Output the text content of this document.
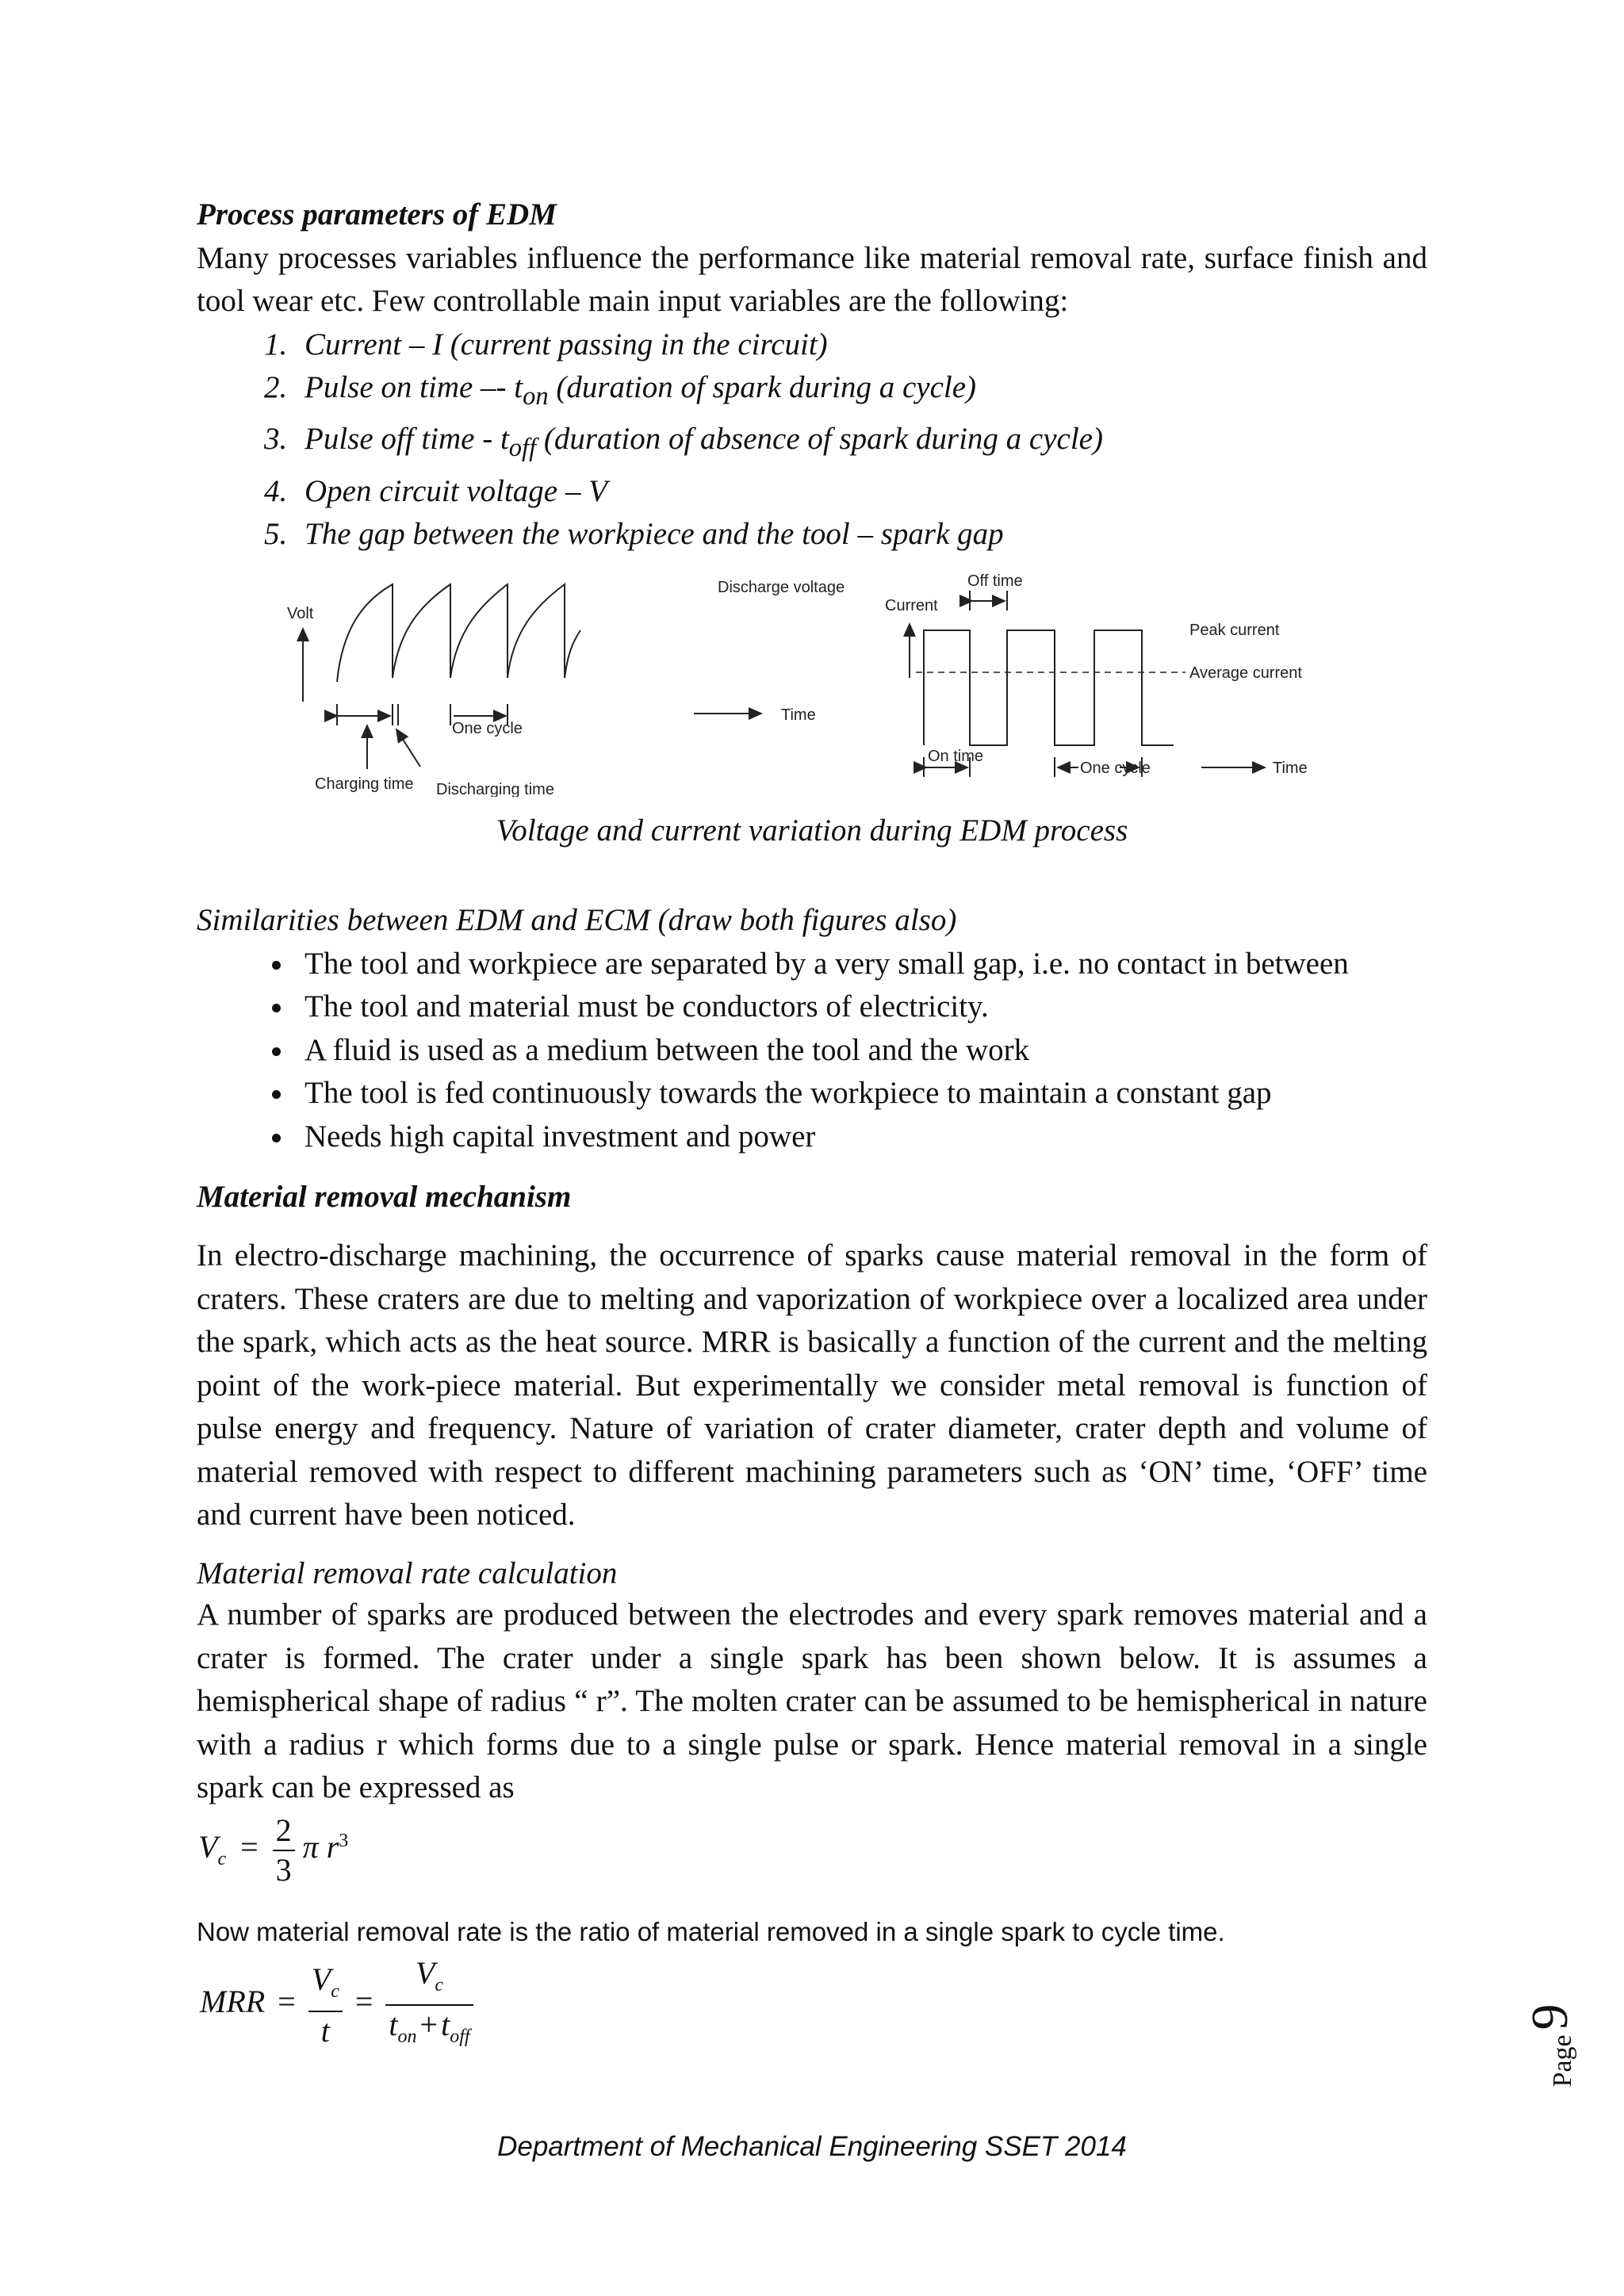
Process parameters of EDM

Many processes variables influence the performance like material removal rate, surface finish and tool wear etc. Few controllable main input variables are the following:

1. Current – I (current passing in the circuit)
2. Pulse on time –- $t_{on}$ (duration of spark during a cycle)
3. Pulse off time - $t_{off}$ (duration of absence of spark during a cycle)
4. Open circuit voltage – V
5. The gap between the workpiece and the tool – spark gap
Volt
Discharge voltage
Time
One cycle
Charging time Discharging time
Current
Off time
Peak current
Average current
On time
One cycle	Time
Voltage and current variation during EDM process

Similarities between EDM and ECM (draw both figures also)

• The tool and workpiece are separated by a very small gap, i.e. no contact in between
• The tool and material must be conductors of electricity.
• A fluid is used as a medium between the tool and the work
• The tool is fed continuously towards the workpiece to maintain a constant gap
• Needs high capital investment and power

Material removal mechanism

In electro-discharge machining, the occurrence of sparks cause material removal in the form of craters. These craters are due to melting and vaporization of workpiece over a localized area under the spark, which acts as the heat source. MRR is basically a function of the current and the melting point of the work-piece material. But experimentally we consider metal removal is function of pulse energy and frequency. Nature of variation of crater diameter, crater depth and volume of material removed with respect to different machining parameters such as ‘ON’ time, ‘OFF’ time and current have been noticed.

Material removal rate calculation

A number of sparks are produced between the electrodes and every spark removes material and a crater is formed. The crater under a single spark has been shown below. It is assumes a hemispherical shape of radius “ r”. The molten crater can be assumed to be hemispherical in nature with a radius r which forms due to a single pulse or spark. Hence material removal in a single spark can be expressed as

$V_c = \frac{2}{3}$ π $r^3$
Now material removal rate is the ratio of material removed in a single spark to cycle time.
MRR = $\frac{V_c}{t} = \frac{V_c}{t_{on} + t_{off}}$
Department of Mechanical Engineering SSET 2014
Page
9
